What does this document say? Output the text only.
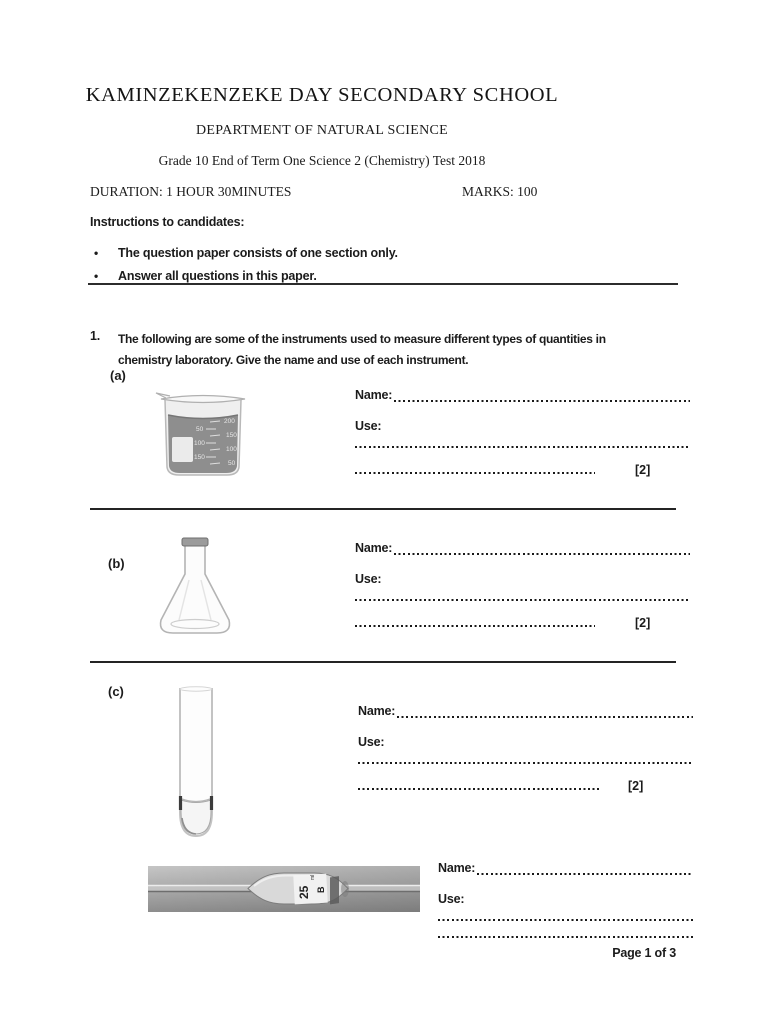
KAMINZEKENZEKE DAY SECONDARY SCHOOL
DEPARTMENT OF NATURAL SCIENCE
Grade 10 End of Term One Science 2 (Chemistry) Test 2018
DURATION: 1 HOUR 30MINUTES	MARKS: 100
Instructions to candidates:
•	The question paper consists of one section only.
•	Answer all questions in this paper.
1.	The following are some of the instruments used to measure different types of quantities in chemistry laboratory. Give the name and use of each instrument.
(a)
50
100
150
200
150
100
50
Name:
Use:
[2]
(b)
Name:
Use:
[2]
(c)
Name:
Use:
[2]
25
ml
B
Name:
Use:
Page 1 of 3
